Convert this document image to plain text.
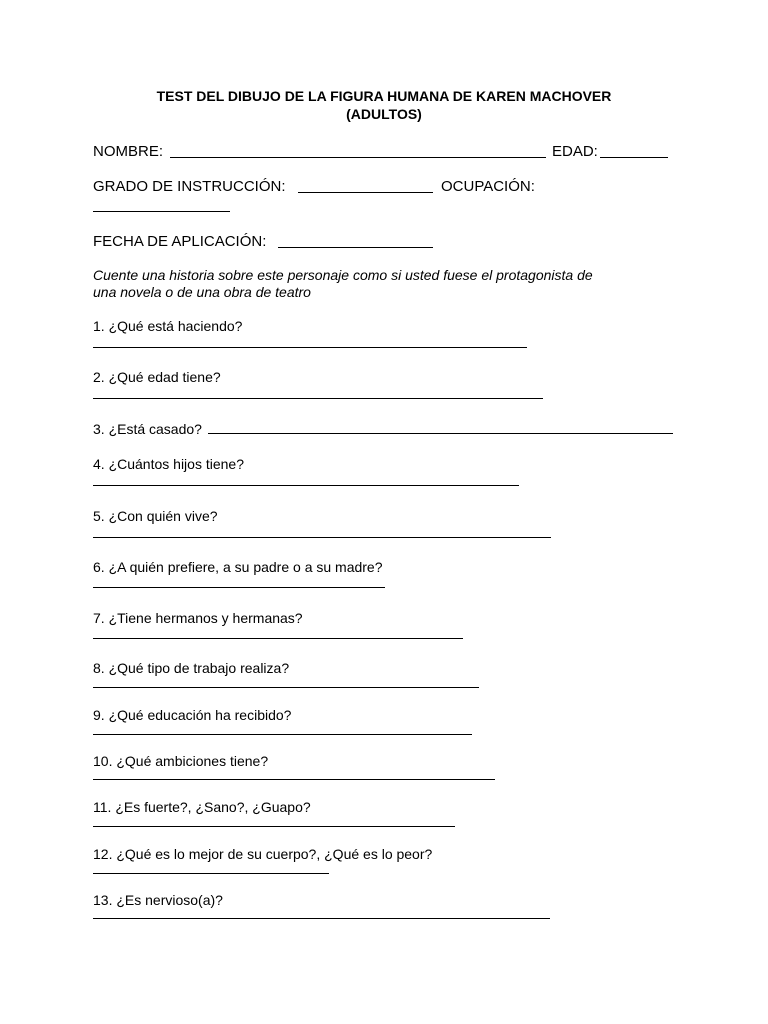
TEST DEL DIBUJO DE LA FIGURA HUMANA DE KAREN MACHOVER
(ADULTOS)
NOMBRE:	EDAD:
GRADO DE INSTRUCCIÓN:	OCUPACIÓN:
FECHA DE APLICACIÓN:
Cuente una historia sobre este personaje como si usted fuese el protagonista de
una novela o de una obra de teatro
1. ¿Qué está haciendo?
2. ¿Qué edad tiene?
3. ¿Está casado?
4. ¿Cuántos hijos tiene?
5. ¿Con quién vive?
6. ¿A quién prefiere, a su padre o a su madre?
7. ¿Tiene hermanos y hermanas?
8. ¿Qué tipo de trabajo realiza?
9. ¿Qué educación ha recibido?
10. ¿Qué ambiciones tiene?
11. ¿Es fuerte?, ¿Sano?, ¿Guapo?
12. ¿Qué es lo mejor de su cuerpo?, ¿Qué es lo peor?
13. ¿Es nervioso(a)?
